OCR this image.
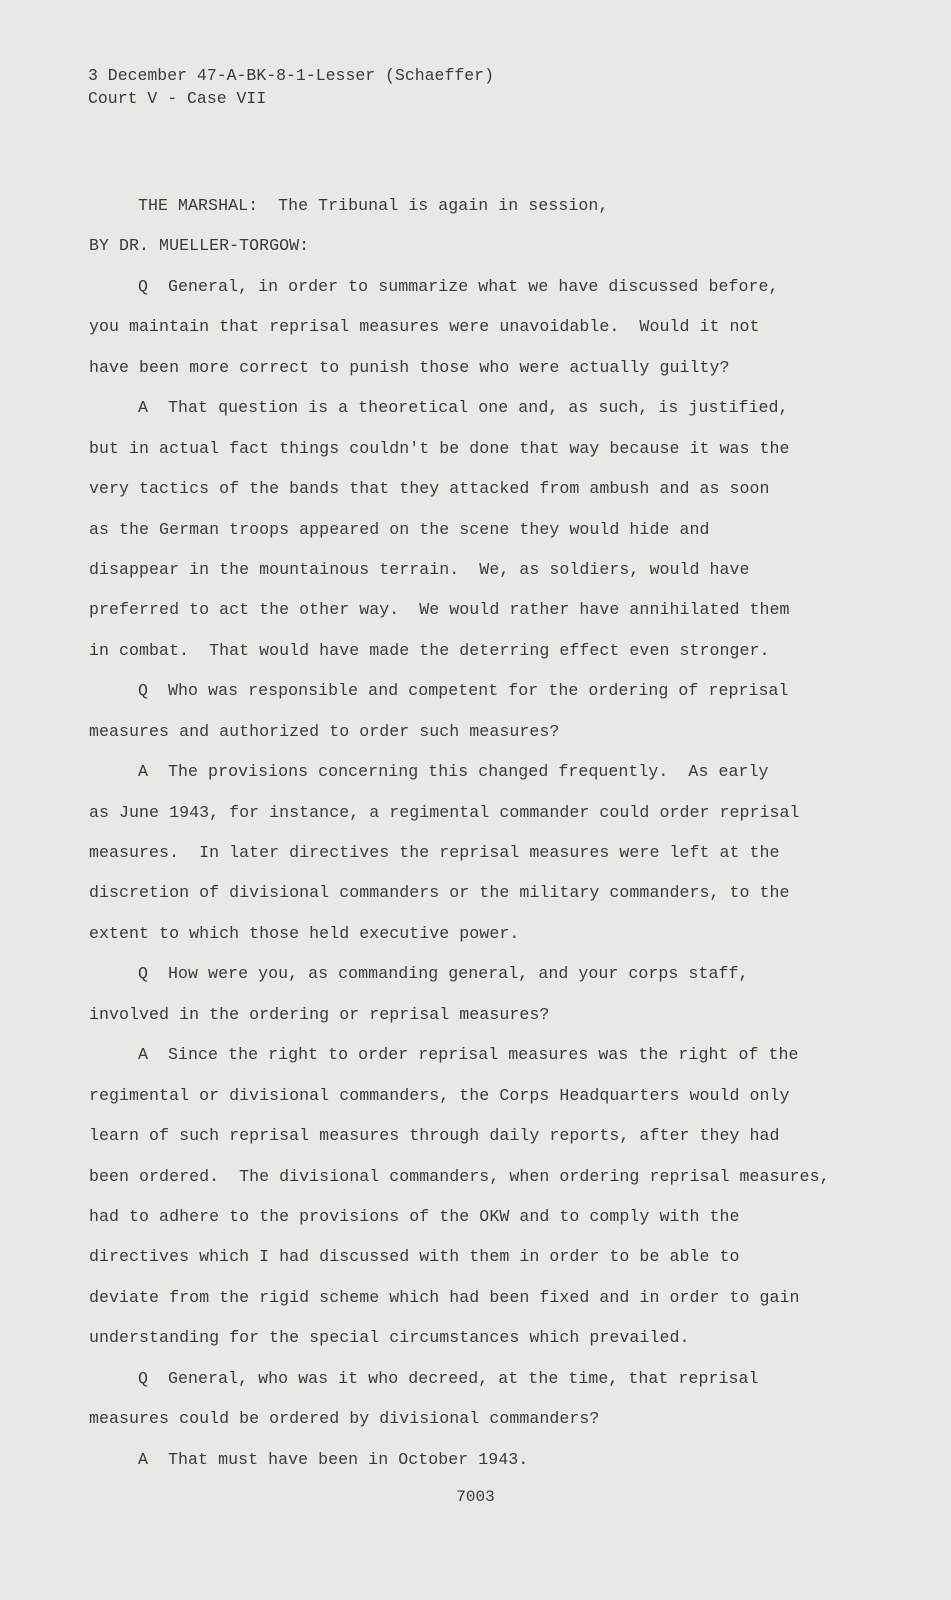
3 December 47-A-BK-8-1-Lesser (Schaeffer)
Court V - Case VII
THE MARSHAL:  The Tribunal is again in session,
BY DR. MUELLER-TORGOW:
Q  General, in order to summarize what we have discussed before,
you maintain that reprisal measures were unavoidable.  Would it not
have been more correct to punish those who were actually guilty?
A  That question is a theoretical one and, as such, is justified,
but in actual fact things couldn't be done that way because it was the
very tactics of the bands that they attacked from ambush and as soon
as the German troops appeared on the scene they would hide and
disappear in the mountainous terrain.  We, as soldiers, would have
preferred to act the other way.  We would rather have annihilated them
in combat.  That would have made the deterring effect even stronger.
Q  Who was responsible and competent for the ordering of reprisal
measures and authorized to order such measures?
A  The provisions concerning this changed frequently.  As early
as June 1943, for instance, a regimental commander could order reprisal
measures.  In later directives the reprisal measures were left at the
discretion of divisional commanders or the military commanders, to the
extent to which those held executive power.
Q  How were you, as commanding general, and your corps staff,
involved in the ordering or reprisal measures?
A  Since the right to order reprisal measures was the right of the
regimental or divisional commanders, the Corps Headquarters would only
learn of such reprisal measures through daily reports, after they had
been ordered.  The divisional commanders, when ordering reprisal measures,
had to adhere to the provisions of the OKW and to comply with the
directives which I had discussed with them in order to be able to
deviate from the rigid scheme which had been fixed and in order to gain
understanding for the special circumstances which prevailed.
Q  General, who was it who decreed, at the time, that reprisal
measures could be ordered by divisional commanders?
A  That must have been in October 1943.
7003
